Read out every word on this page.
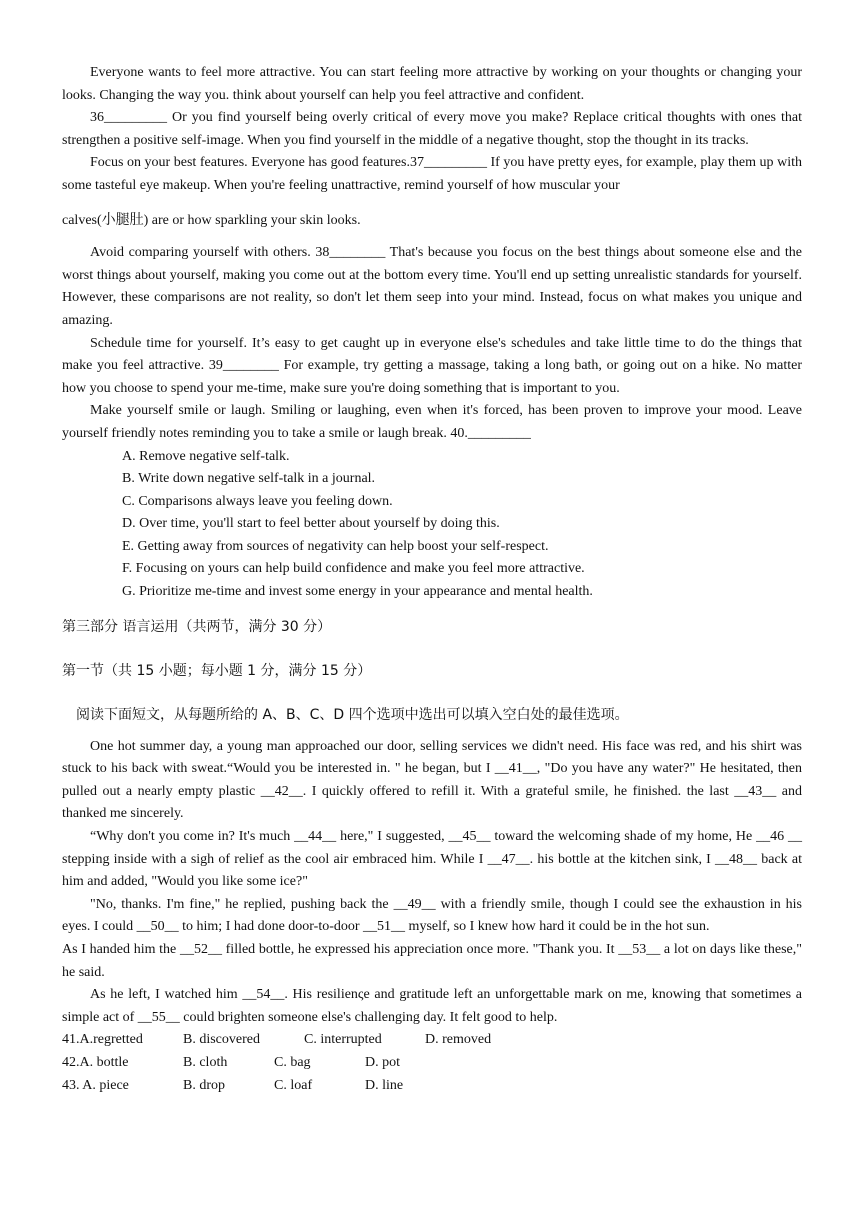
Everyone wants to feel more attractive. You can start feeling more attractive by working on your thoughts or changing your looks. Changing the way you. think about yourself can help you feel attractive and confident.

36_________ Or you find yourself being overly critical of every move you make? Replace critical thoughts with ones that strengthen a positive self-image. When you find yourself in the middle of a negative thought, stop the thought in its tracks.

Focus on your best features. Everyone has good features.37_________ If you have pretty eyes, for example, play them up with some tasteful eye makeup. When you're feeling unattractive, remind yourself of how muscular your

calves(小腿肚) are or how sparkling your skin looks.

Avoid comparing yourself with others. 38________ That's because you focus on the best things about someone else and the worst things about yourself, making you come out at the bottom every time. You'll end up setting unrealistic standards for yourself. However, these comparisons are not reality, so don't let them seep into your mind. Instead, focus on what makes you unique and amazing.

Schedule time for yourself. It’s easy to get caught up in everyone else's schedules and take little time to do the things that make you feel attractive. 39________ For example, try getting a massage, taking a long bath, or going out on a hike. No matter how you choose to spend your me-time, make sure you're doing something that is important to you.

Make yourself smile or laugh. Smiling or laughing, even when it's forced, has been proven to improve your mood. Leave yourself friendly notes reminding you to take a smile or laugh break. 40._________

A. Remove negative self-talk.
B. Write down negative self-talk in a journal.
C. Comparisons always leave you feeling down.
D. Over time, you'll start to feel better about yourself by doing this.
E. Getting away from sources of negativity can help boost your self-respect.
F. Focusing on yours can help build confidence and make you feel more attractive.
G. Prioritize me-time and invest some energy in your appearance and mental health.
第三部分 语言运用（共两节，满分 30 分）
第一节（共 15 小题；每小题 1 分，满分 15 分）
阅读下面短文，从每题所给的 A、B、C、D 四个选项中选出可以填入空白处的最佳选项。

One hot summer day, a young man approached our door, selling services we didn't need. His face was red, and his shirt was stuck to his back with sweat.“Would you be interested in. " he began, but I __41__, "Do you have any water?" He hesitated, then pulled out a nearly empty plastic __42__. I quickly offered to refill it. With a grateful smile, he finished. the last __43__ and thanked me sincerely.

“Why don't you come in? It's much __44__ here," I suggested, __45__ toward the welcoming shade of my home, He __46 __ stepping inside with a sigh of relief as the cool air embraced him. While I __47__. his bottle at the kitchen sink, I __48__ back at him and added, "Would you like some ice?"

"No, thanks. I'm fine," he replied, pushing back the __49__ with a friendly smile, though I could see the exhaustion in his eyes. I could __50__ to him; I had done door-to-door __51__ myself, so I knew how hard it could be in the hot sun.

As I handed him the __52__ filled bottle, he expressed his appreciation once more. "Thank you. It __53__ a lot on days like these," he said.

As he left, I watched him __54__. His resilienςe and gratitude left an unforgettable mark on me, knowing that sometimes a simple act of __55__ could brighten someone else's challenging day. It felt good to help.

41.A.regretted	B. discovered	C. interrupted	D. removed
42.A. bottle	B. cloth	C. bag	D. pot
43. A. piece	B. drop	C. loaf	D. line
